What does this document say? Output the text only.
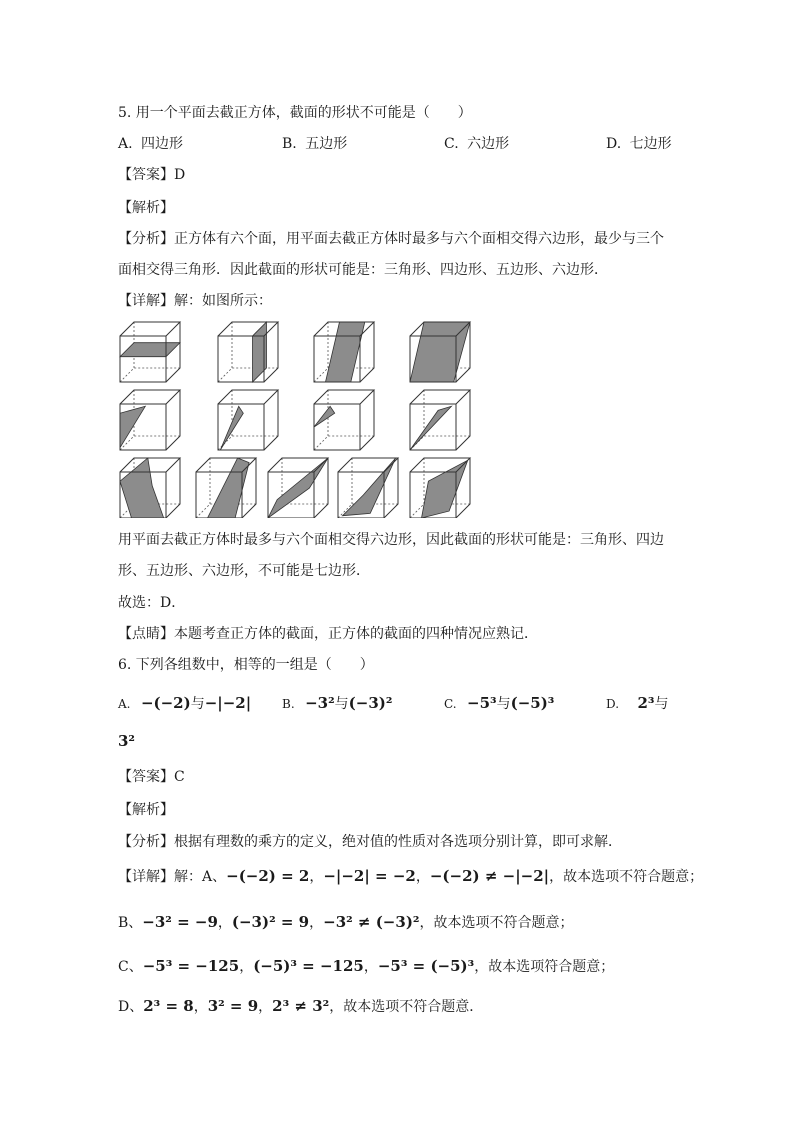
5. 用一个平面去截正方体，截面的形状不可能是（　　）
A. 四边形	B. 五边形	C. 六边形	D. 七边形
【答案】D
【解析】
【分析】正方体有六个面，用平面去截正方体时最多与六个面相交得六边形，最少与三个
面相交得三角形．因此截面的形状可能是：三角形、四边形、五边形、六边形．
【详解】解：如图所示：
用平面去截正方体时最多与六个面相交得六边形，因此截面的形状可能是：三角形、四边
形、五边形、六边形，不可能是七边形．
故选：D．
【点睛】本题考查正方体的截面，正方体的截面的四种情况应熟记．
6. 下列各组数中，相等的一组是（　　）
A. −(−2)与−|−2|	B. −3²与(−3)²	C. −5³与(−5)³	D. 2³与
3²
【答案】C
【解析】
【分析】根据有理数的乘方的定义，绝对值的性质对各选项分别计算，即可求解．
【详解】解：A、−(−2) = 2，−|−2| = −2，−(−2) ≠ −|−2|，故本选项不符合题意；
B、−3² = −9，(−3)² = 9，−3² ≠ (−3)²，故本选项不符合题意；
C、−5³ = −125，(−5)³ = −125，−5³ = (−5)³，故本选项符合题意；
D、2³ = 8，3² = 9，2³ ≠ 3²，故本选项不符合题意．
